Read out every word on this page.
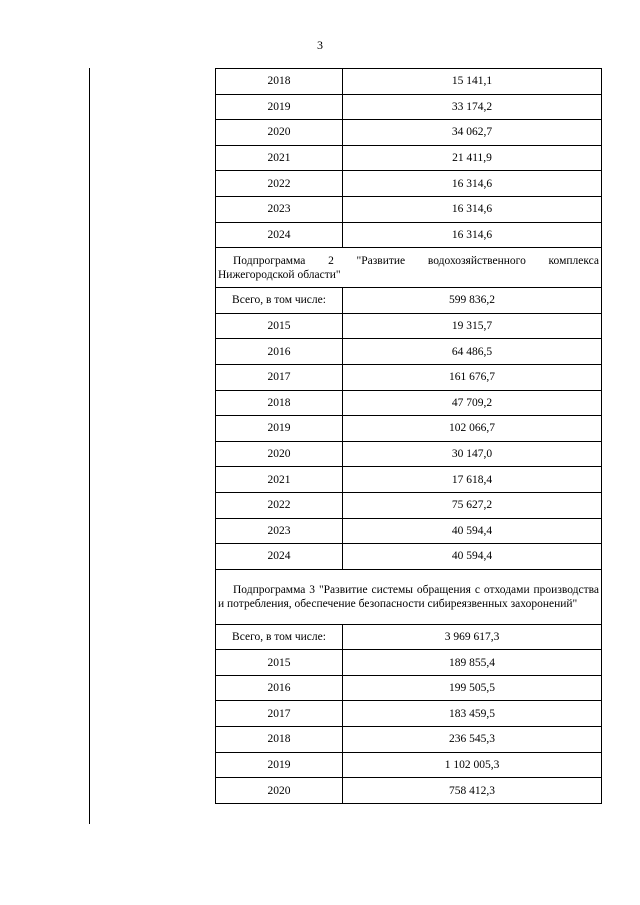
3
2018	15 141,1
2019	33 174,2
2020	34 062,7
2021	21 411,9
2022	16 314,6
2023	16 314,6
2024	16 314,6
Подпрограмма 2 "Развитие водохозяйственного комплекса Нижегородской области"	
Всего, в том числе:	599 836,2
2015	19 315,7
2016	64 486,5
2017	161 676,7
2018	47 709,2
2019	102 066,7
2020	30 147,0
2021	17 618,4
2022	75 627,2
2023	40 594,4
2024	40 594,4
Подпрограмма 3 "Развитие системы обращения с отходами производства и потребления, обеспечение безопасности сибиреязвенных захоронений"	
Всего, в том числе:	3 969 617,3
2015	189 855,4
2016	199 505,5
2017	183 459,5
2018	236 545,3
2019	1 102 005,3
2020	758 412,3
